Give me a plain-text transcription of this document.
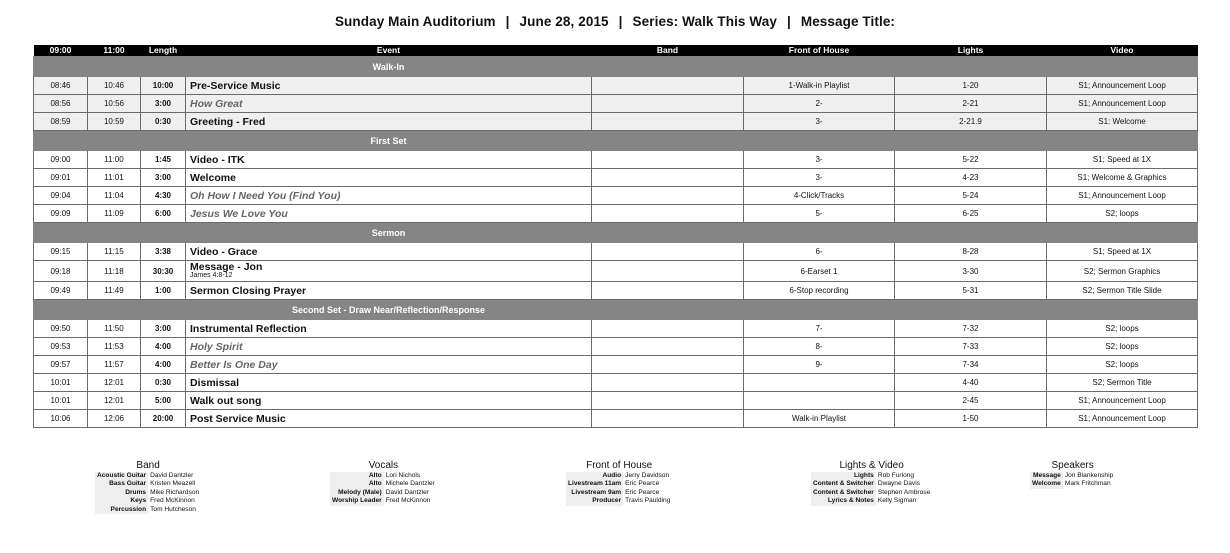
Sunday Main Auditorium | June 28, 2015 | Series: Walk This Way | Message Title:
09:00	11:00	Length	Event	Band	Front of House	Lights	Video
			Walk-In				
08:46	10:46	10:00	Pre-Service Music		1-Walk-in Playlist	1-20	S1; Announcement Loop
08:56	10:56	3:00	How Great		2-	2-21	S1; Announcement Loop
08:59	10:59	0:30	Greeting - Fred		3-	2-21.9	S1: Welcome
			First Set				
09:00	11:00	1:45	Video - ITK		3-	5-22	S1; Speed at 1X
09:01	11:01	3:00	Welcome		3-	4-23	S1; Welcome & Graphics
09:04	11:04	4:30	Oh How I Need You (Find You)		4-Click/Tracks	5-24	S1; Announcement Loop
09:09	11:09	6:00	Jesus We Love You		5-	6-25	S2; loops
			Sermon				
09:15	11:15	3:38	Video - Grace		6-	8-28	S1; Speed at 1X
09:18	11:18	30:30	Message - Jon
James 4:8-12		6-Earset 1	3-30	S2; Sermon Graphics
09:49	11:49	1:00	Sermon Closing Prayer		6-Stop recording	5-31	S2; Sermon Title Slide
			Second Set - Draw Near/Reflection/Response				
09:50	11:50	3:00	Instrumental Reflection		7-	7-32	S2; loops
09:53	11:53	4:00	Holy Spirit		8-	7-33	S2; loops
09:57	11:57	4:00	Better Is One Day		9-	7-34	S2; loops
10:01	12:01	0:30	Dismissal			4-40	S2; Sermon Title
10:01	12:01	5:00	Walk out song			2-45	S1; Announcement Loop
10:06	12:06	20:00	Post Service Music		Walk-in Playlist	1-50	S1; Announcement Loop
Band
Acoustic Guitar	David Dantzler
Bass Guitar	Kristen Meazell
Drums	Mike Richardson
Keys	Fred McKinnon
Percussion	Tom Hutcheson
Vocals
Alto	Lori Nichols
Alto	Michele Dantzler
Melody (Male)	David Dantzler
Worship Leader	Fred McKinnon
Front of House
Audio	Jerry Davidson
Livestream 11am	Eric Pearce
Livestream 9am	Eric Pearce
Producer	Travis Paulding
Lights & Video
Lights	Rob Furlong
Content & Switcher	Dwayne Davis
Content & Switcher	Stephen Ambrose
Lyrics & Notes	Kelly Sigman
Speakers
Message	Jon Blankenship
Welcome	Mark Fritchman
